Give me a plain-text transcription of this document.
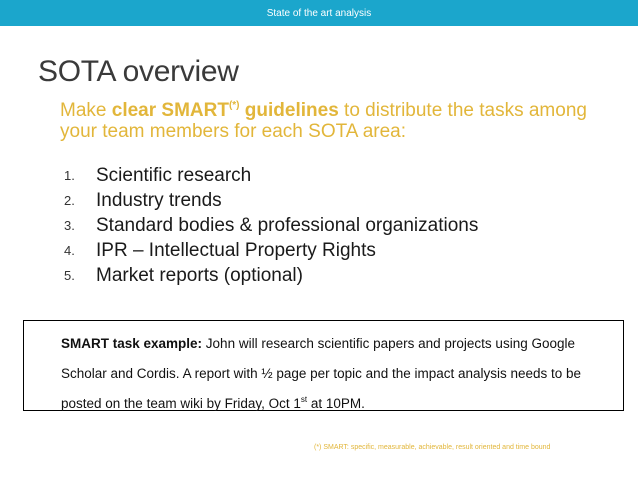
State of the art analysis
SOTA overview
Make clear SMART(*) guidelines to distribute the tasks among your team members for each SOTA area:
1.	Scientific research
2.	Industry trends
3.	Standard bodies & professional organizations
4.	IPR – Intellectual Property Rights
5.	Market reports (optional)
SMART task example: John will research scientific papers and projects using Google Scholar and Cordis. A report with ½ page per topic and the impact analysis needs to be posted on the team wiki by Friday, Oct 1st at 10PM.
(*) SMART: specific, measurable, achievable, result oriented and time bound
